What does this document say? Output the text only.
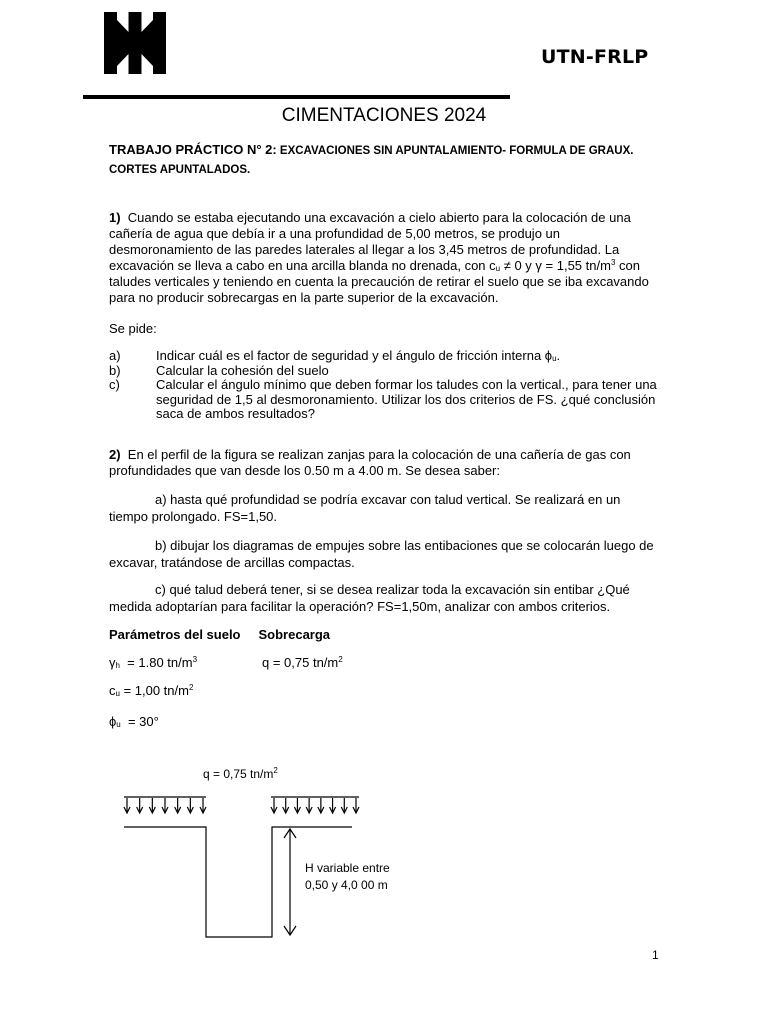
UTN-FRLP
CIMENTACIONES 2024
TRABAJO PRÁCTICO N° 2: EXCAVACIONES SIN APUNTALAMIENTO- FORMULA DE GRAUX. CORTES APUNTALADOS.

1) Cuando se estaba ejecutando una excavación a cielo abierto para la colocación de una

cañería de agua que debía ir a una profundidad de 5,00 metros, se produjo un

desmoronamiento de las paredes laterales al llegar a los 3,45 metros de profundidad. La

excavación se lleva a cabo en una arcilla blanda no drenada, con $c_u \ne 0$ y γ = 1,55 $tn/m^3$ con

taludes verticales y teniendo en cuenta la precaución de retirar el suelo que se iba excavando

para no producir sobrecargas en la parte superior de la excavación.

Se pide:
a)	Indicar cuál es el factor de seguridad y el ángulo de fricción interna $\phi_u$.
b)	Calcular la cohesión del suelo
c)	Calcular el ángulo mínimo que deben formar los taludes con la vertical., para tener una
seguridad de 1,5 al desmoronamiento. Utilizar los dos criterios de FS. ¿qué conclusión
saca de ambos resultados?

2) En el perfil de la figura se realizan zanjas para la colocación de una cañería de gas con

profundidades que van desde los 0.50 m a 4.00 m. Se desea saber:

a) hasta qué profundidad se podría excavar con talud vertical. Se realizará en un
tiempo prolongado. FS=1,50.
b) dibujar los diagramas de empujes sobre las entibaciones que se colocarán luego de
excavar, tratándose de arcillas compactas.
c) qué talud deberá tener, si se desea realizar toda la excavación sin entibar ¿Qué
medida adoptarían para facilitar la operación? FS=1,50m, analizar con ambos criterios.
Parámetros del suelo Sobrecarga
$\gamma_h = 1.80$ $tn/m^3$	q = 0,75 $tn/m^2$
$c_u = 1,00$ $tn/m^2$
$\phi_u = 30^\circ$
q = 0,75 $tn/m^2$
H variable entre
0,50 y 4,0 00 m
1
